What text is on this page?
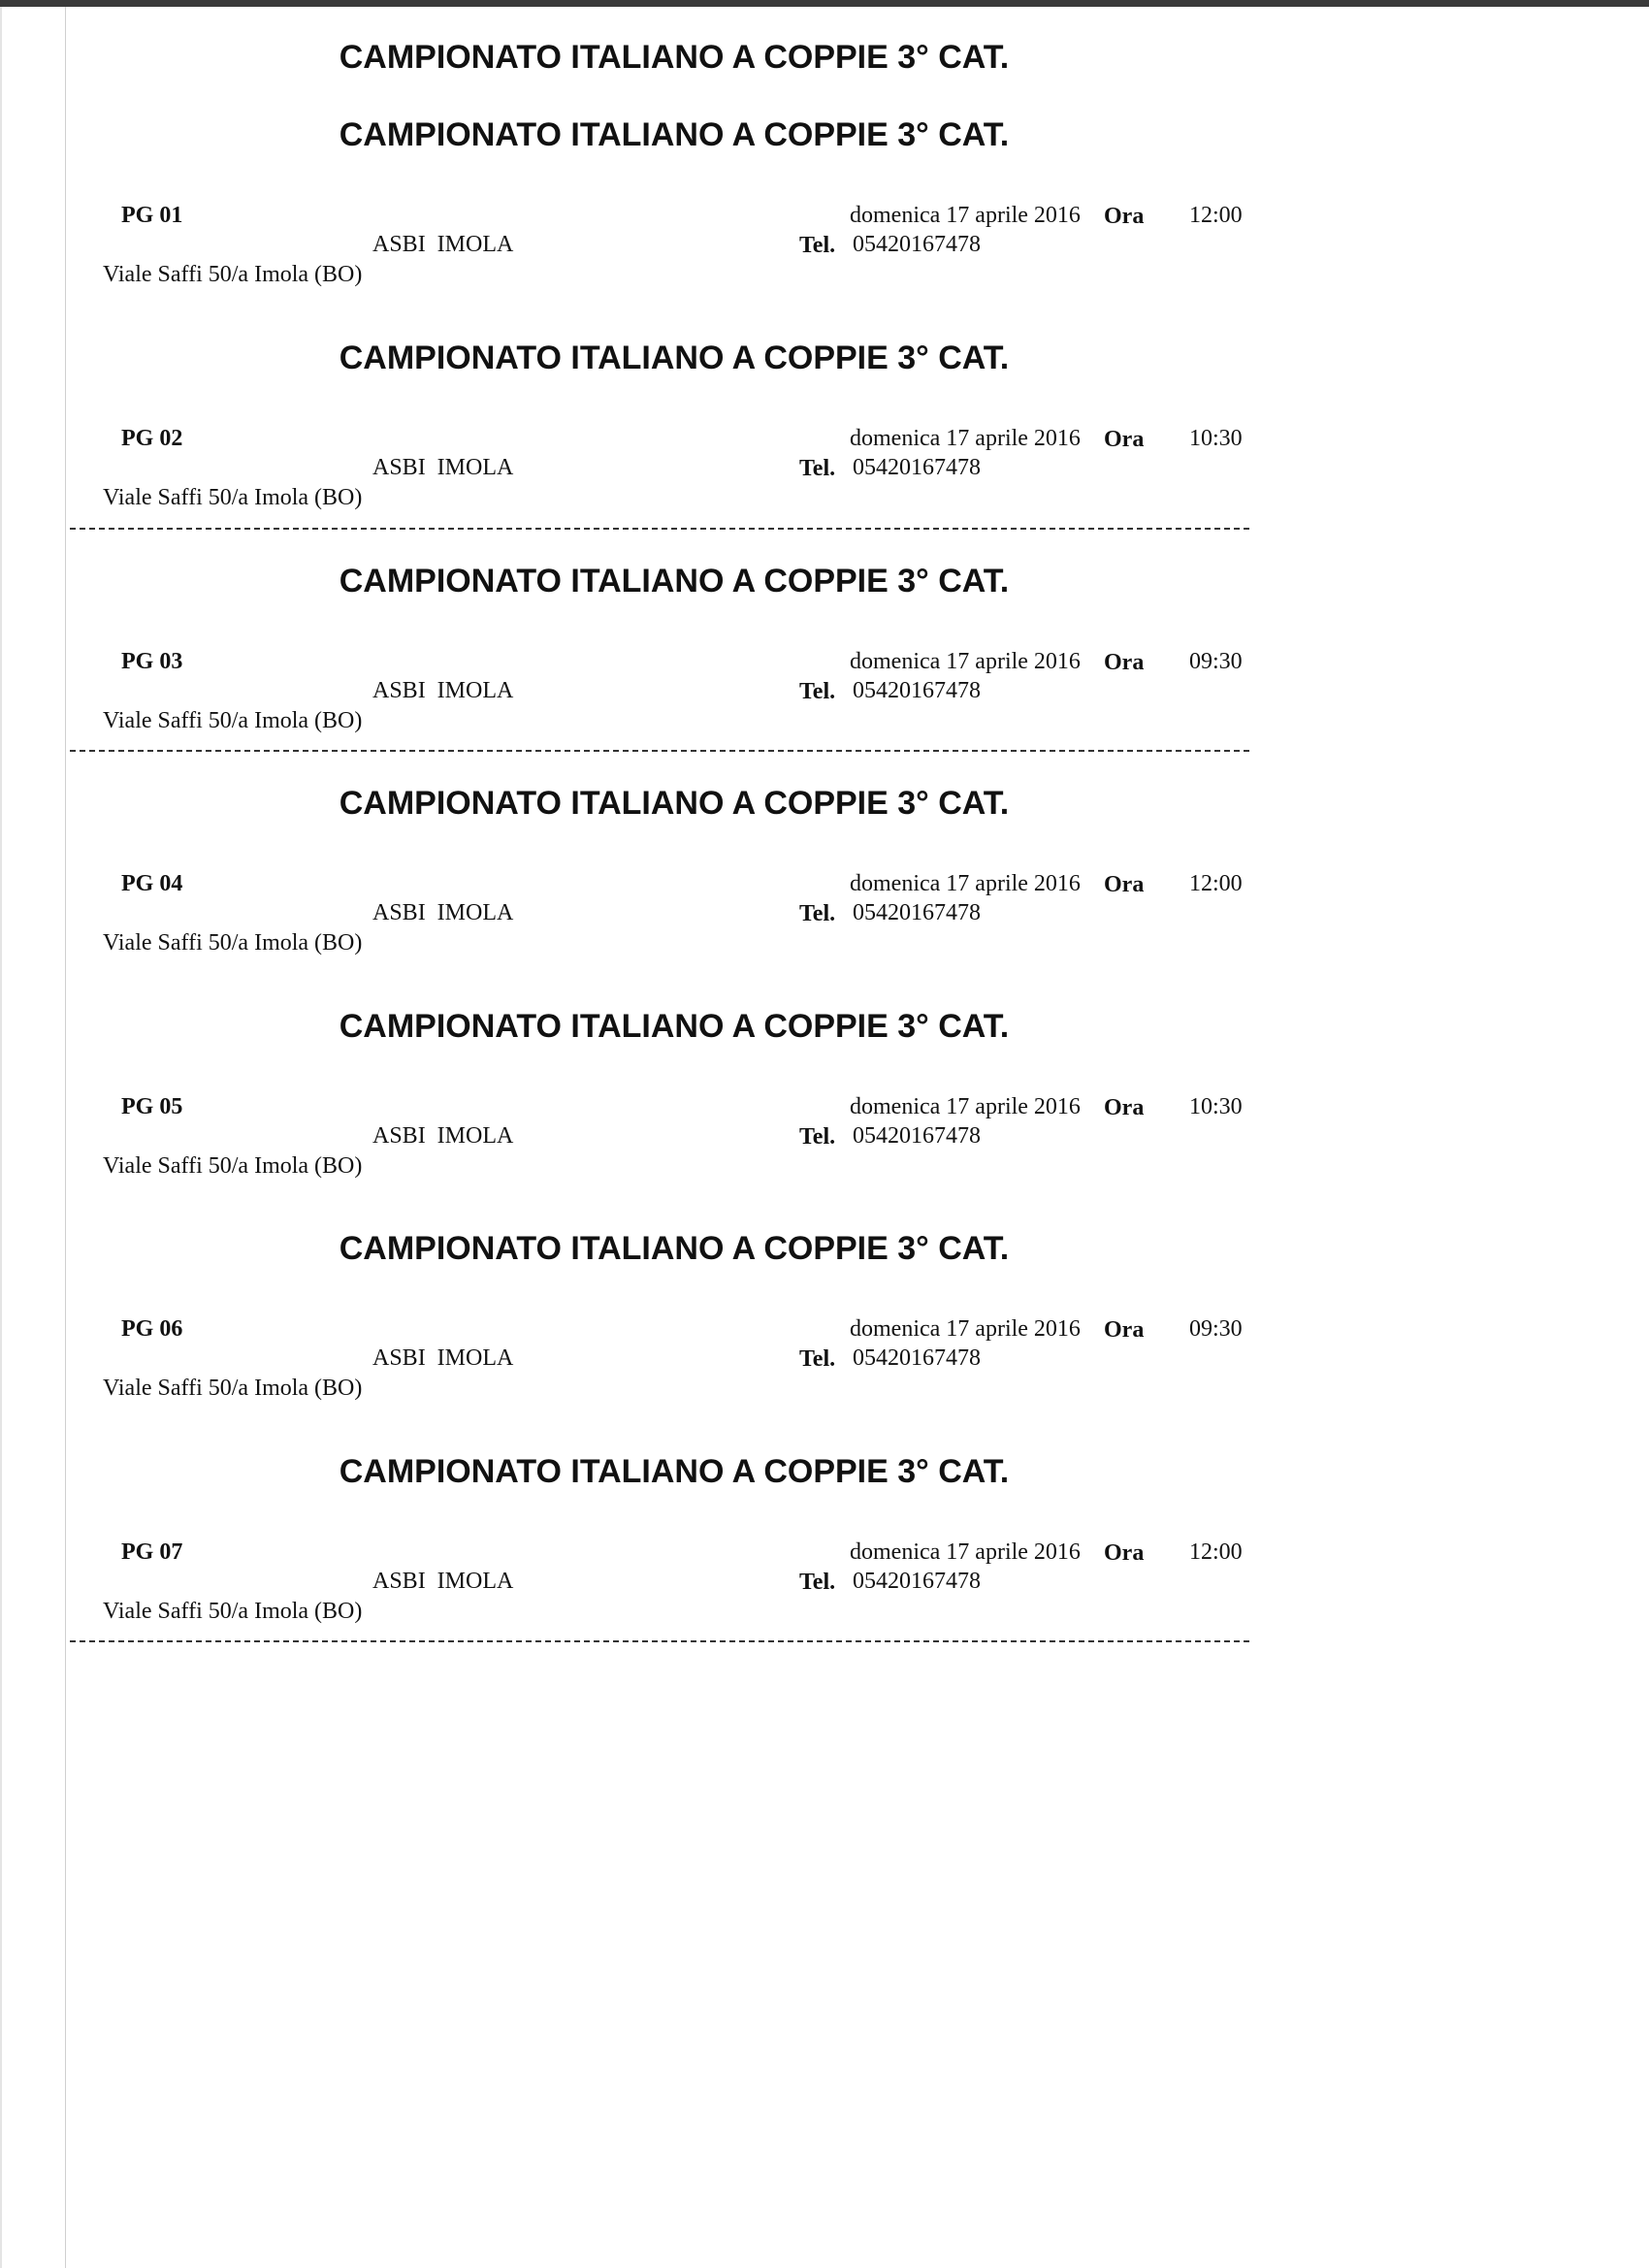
CAMPIONATO ITALIANO A COPPIE 3° CAT.
CAMPIONATO ITALIANO A COPPIE 3° CAT.
PG 01	domenica 17 aprile 2016 Ora 12:00
ASBI  IMOLA	Tel. 05420167478
Viale Saffi 50/a Imola (BO)
CAMPIONATO ITALIANO A COPPIE 3° CAT.
PG 02	domenica 17 aprile 2016 Ora 10:30
ASBI  IMOLA	Tel. 05420167478
Viale Saffi 50/a Imola (BO)
CAMPIONATO ITALIANO A COPPIE 3° CAT.
PG 03	domenica 17 aprile 2016 Ora 09:30
ASBI  IMOLA	Tel. 05420167478
Viale Saffi 50/a Imola (BO)
CAMPIONATO ITALIANO A COPPIE 3° CAT.
PG 04	domenica 17 aprile 2016 Ora 12:00
ASBI  IMOLA	Tel. 05420167478
Viale Saffi 50/a Imola (BO)
CAMPIONATO ITALIANO A COPPIE 3° CAT.
PG 05	domenica 17 aprile 2016 Ora 10:30
ASBI  IMOLA	Tel. 05420167478
Viale Saffi 50/a Imola (BO)
CAMPIONATO ITALIANO A COPPIE 3° CAT.
PG 06	domenica 17 aprile 2016 Ora 09:30
ASBI  IMOLA	Tel. 05420167478
Viale Saffi 50/a Imola (BO)
CAMPIONATO ITALIANO A COPPIE 3° CAT.
PG 07	domenica 17 aprile 2016 Ora 12:00
ASBI  IMOLA	Tel. 05420167478
Viale Saffi 50/a Imola (BO)
